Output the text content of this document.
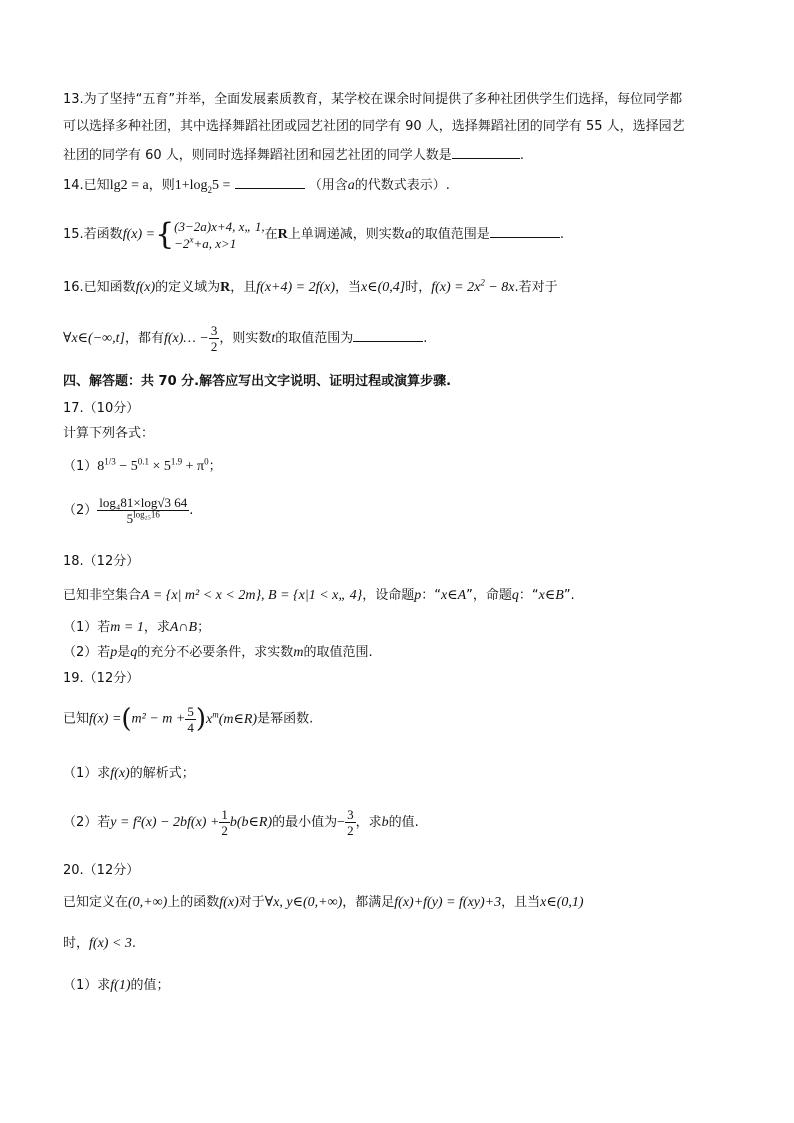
13.为了坚持“五育”并举，全面发展素质教育，某学校在课余时间提供了多种社团供学生们选择，每位同学都
可以选择多种社团，其中选择舞蹈社团或园艺社团的同学有 90 人，选择舞蹈社团的同学有 55 人，选择园艺
社团的同学有 60 人，则同时选择舞蹈社团和园艺社团的同学人数是	.
14.已知lg2 = a，则$1+\log_25$ =	（用含a的代数式表示）.
15.若函数f(x) ={ (3−2a)x+4, x„ 1,
$-2^x+a$, x>1
在R上单调递减，则实数a的取值范围是	.
16.已知函数f(x)的定义域为R，且f(x+4) = 2f(x)，当x∈(0,4]时，$f(x) = 2x^2 - 8x$.若对于
∀x∈(−∞,t]，都有f(x)… − $\frac{3}{2}$ ，则实数t的取值范围为	.
四、解答题：共 70 分.解答应写出文字说明、证明过程或演算步骤.
17.（10分）
计算下列各式：
$(1)8^{1/3} - 5^{0.1} \times 5^{1.9} + \pi^0$；
$(2) \frac{\text{log₄81×log√3 64}}{5^{log_{25}16}}$ .
18.（12分）
已知非空集合A = {x| m² < x < 2m}, B = {x|1 < x„ 4}，设命题p：“x∈A”，命题q：“x∈B”.
（1）若m = 1，求A∩B；
（2）若p是q的充分不必要条件，求实数m的取值范围.
19.（12分）
已知$f(x) =(m^2 - m + \frac{5}{4}$ )$x^m(m\in R)$是幂函数.
（1）求f(x)的解析式；
（2）若$y = f^2(x) - 2bf(x) + \frac{1}{2}$ b(b∈R)的最小值为− $\frac{3}{2}$ ，求b的值.
20.（12分）
已知定义在(0,+∞)上的函数f(x)对于∀x, y∈(0,+∞)，都满足f(x)+f(y) = f(xy)+3，且当x∈(0,1)
时，f(x) < 3.
（1）求f(1)的值；
